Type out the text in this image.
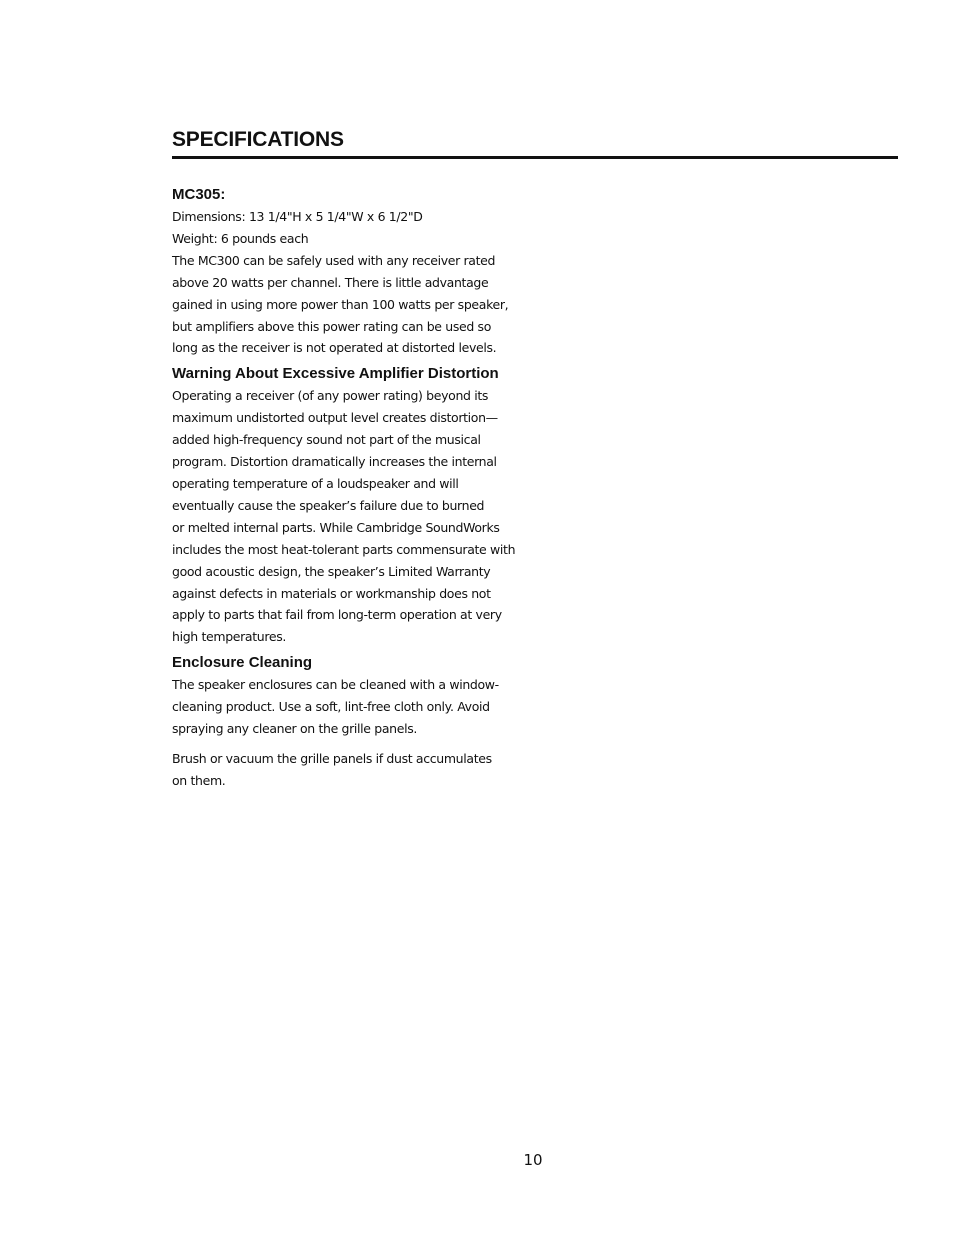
SPECIFICATIONS
MC305:

Dimensions: 13 1/4"H x 5 1/4"W x 6 1/2"D

Weight: 6 pounds each

The MC300 can be safely used with any receiver rated

above 20 watts per channel. There is little advantage

gained in using more power than 100 watts per speaker,

but amplifiers above this power rating can be used so

long as the receiver is not operated at distorted levels.

Warning About Excessive Amplifier Distortion

Operating a receiver (of any power rating) beyond its

maximum undistorted output level creates distortion—

added high-frequency sound not part of the musical

program. Distortion dramatically increases the internal

operating temperature of a loudspeaker and will

eventually cause the speaker’s failure due to burned

or melted internal parts. While Cambridge SoundWorks

includes the most heat-tolerant parts commensurate with

good acoustic design, the speaker’s Limited Warranty

against defects in materials or workmanship does not

apply to parts that fail from long-term operation at very

high temperatures.

Enclosure Cleaning

The speaker enclosures can be cleaned with a window-

cleaning product. Use a soft, lint-free cloth only. Avoid

spraying any cleaner on the grille panels.

Brush or vacuum the grille panels if dust accumulates

on them.

10
